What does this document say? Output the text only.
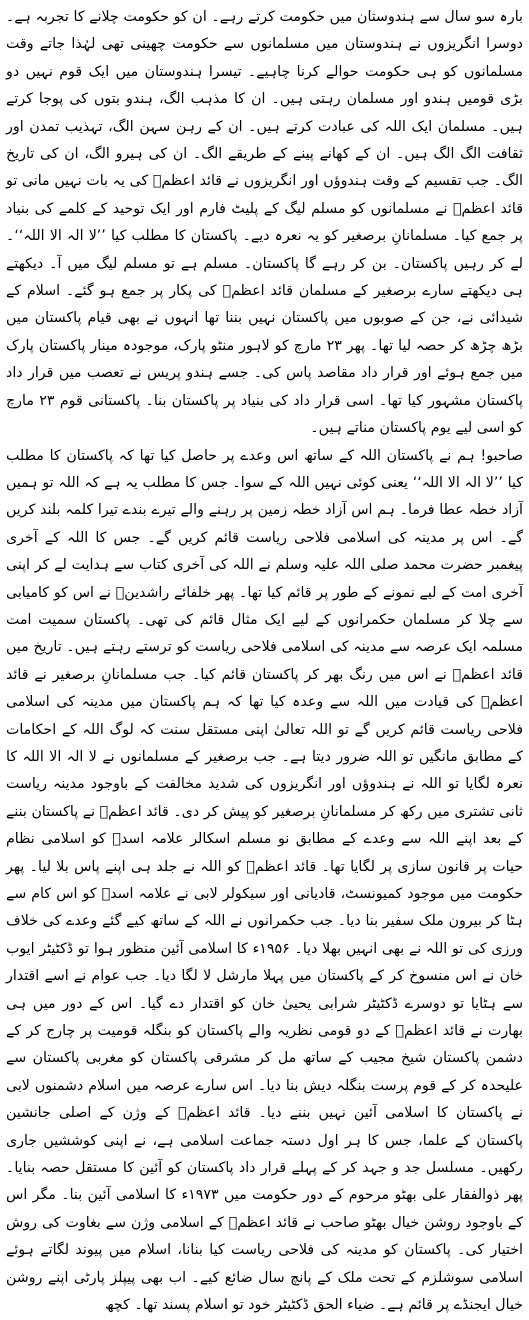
بارہ سو سال سے ہندوستان میں حکومت کرتے رہے۔ ان کو حکومت چلانے کا تجربہ ہے۔ دوسرا انگریزوں نے ہندوستان میں مسلمانوں سے حکومت چھینی تھی لہٰذا جاتے وقت مسلمانوں کو ہی حکومت حوالے کرنا چاہیے۔ تیسرا ہندوستان میں ایک قوم نہیں دو بڑی قومیں ہندو اور مسلمان رہتی ہیں۔ ان کا مذہب الگ، ہندو بتوں کی پوجا کرتے ہیں۔ مسلمان ایک اللہ کی عبادت کرتے ہیں۔ ان کے رہن سہن الگ، تہذیب تمدن اور ثقافت الگ الگ ہیں۔ ان کے کھانے پینے کے طریقے الگ۔ ان کی ہیرو الگ، ان کی تاریخ الگ۔ جب تقسیم کے وقت ہندوؤں اور انگریزوں نے قائد اعظمؒ کی یہ بات نہیں مانی تو قائد اعظمؒ نے مسلمانوں کو مسلم لیگ کے پلیٹ فارم اور ایک توحید کے کلمے کی بنیاد پر جمع کیا۔ مسلمانانِ برصغیر کو یہ نعرہ دیے۔ پاکستان کا مطلب کیا ’’لا الہ الا اللہ‘‘۔ لے کر رہیں پاکستان۔ بن کر رہے گا پاکستان۔ مسلم ہے تو مسلم لیگ میں آ۔ دیکھتے ہی دیکھتے سارے برصغیر کے مسلمان قائد اعظمؒ کی پکار پر جمع ہو گئے۔ اسلام کے شیدائی نے، جن کے صوبوں میں پاکستان نہیں بننا تھا انہوں نے بھی قیام پاکستان میں بڑھ چڑھ کر حصہ لیا تھا۔ پھر ۲۳ مارچ کو لاہور منٹو پارک، موجودہ مینار پاکستان پارک میں جمع ہوئے اور قرار داد مقاصد پاس کی۔ جسے ہندو پریس نے تعصب میں قرار داد پاکستان مشہور کیا تھا۔ اسی قرار داد کی بنیاد پر پاکستان بنا۔ پاکستانی قوم ۲۳ مارچ کو اسی لیے یوم پاکستان مناتے ہیں۔

صاحبو! ہم نے پاکستان اللہ کے ساتھ اس وعدے پر حاصل کیا تھا کہ پاکستان کا مطلب کیا ’’لا الہ الا اللہ‘‘ یعنی کوئی نہیں اللہ کے سوا۔ جس کا مطلب یہ ہے کہ اللہ تو ہمیں آزاد خطہ عطا فرما۔ ہم اس آزاد خطہ زمین پر رہنے والے تیرے بندے تیرا کلمہ بلند کریں گے۔ اس پر مدینہ کی اسلامی فلاحی ریاست قائم کریں گے۔ جس کا اللہ کے آخری پیغمبر حضرت محمد صلی اللہ علیہ وسلم نے اللہ کی آخری کتاب سے ہدایت لے کر اپنی آخری امت کے لیے نمونے کے طور پر قائم کیا تھا۔ پھر خلفائے راشدینؓ نے اس کو کامیابی سے چلا کر مسلمان حکمرانوں کے لیے ایک مثال قائم کی تھی۔ پاکستان سمیت امت مسلمہ ایک عرصہ سے مدینہ کی اسلامی فلاحی ریاست کو ترستے رہتے ہیں۔ تاریخ میں قائد اعظمؒ نے اس میں رنگ بھر کر پاکستان قائم کیا۔ جب مسلمانانِ برصغیر نے قائد اعظمؒ کی قیادت میں اللہ سے وعدہ کیا تھا کہ ہم پاکستان میں مدینہ کی اسلامی فلاحی ریاست قائم کریں گے تو اللہ تعالیٰ اپنی مستقل سنت کہ لوگ اللہ کے احکامات کے مطابق مانگیں تو اللہ ضرور دیتا ہے۔ جب برصغیر کے مسلمانوں نے لا الہ الا اللہ کا نعرہ لگایا تو اللہ نے ہندوؤں اور انگریزوں کی شدید مخالفت کے باوجود مدینہ ریاست ثانی تشتری میں رکھ کر مسلمانانِ برصغیر کو پیش کر دی۔ قائد اعظمؒ نے پاکستان بننے کے بعد اپنے اللہ سے وعدے کے مطابق نو مسلم اسکالر علامہ اسدؒ کو اسلامی نظام حیات پر قانون سازی پر لگایا تھا۔ قائد اعظمؒ کو اللہ نے جلد ہی اپنے پاس بلا لیا۔ پھر حکومت میں موجود کمیونسٹ، قادیانی اور سیکولر لابی نے علامہ اسدؒ کو اس کام سے ہٹا کر بیرون ملک سفیر بنا دیا۔ جب حکمرانوں نے اللہ کے ساتھ کیے گئے وعدے کی خلاف ورزی کی تو اللہ نے بھی انہیں بھلا دیا۔ ۱۹۵۶ء کا اسلامی آئین منظور ہوا تو ڈکٹیٹر ایوب خان نے اس منسوخ کر کے پاکستان میں پہلا مارشل لا لگا دیا۔ جب عوام نے اسے اقتدار سے ہٹایا تو دوسرے ڈکٹیٹر شرابی یحییٰ خان کو اقتدار دے گیا۔ اس کے دور میں ہی بھارت نے قائد اعظمؒ کے دو قومی نظریہ والے پاکستان کو بنگلہ قومیت پر چارج کر کے دشمن پاکستان شیخ مجیب کے ساتھ مل کر مشرقی پاکستان کو مغربی پاکستان سے علیحدہ کر کے قوم پرست بنگلہ دیش بنا دیا۔ اس سارے عرصہ میں اسلام دشمنوں لابی نے پاکستان کا اسلامی آئین نہیں بننے دیا۔ قائد اعظمؒ کے وژن کے اصلی جانشین پاکستان کے علما، جس کا ہر اول دستہ جماعت اسلامی ہے، نے اپنی کوششیں جاری رکھیں۔ مسلسل جد و جہد کر کے پہلے قرار داد پاکستان کو آئین کا مستقل حصہ بنایا۔ پھر ذوالفقار علی بھٹو مرحوم کے دور حکومت میں ۱۹۷۳ء کا اسلامی آئین بنا۔ مگر اس کے باوجود روشن خیال بھٹو صاحب نے قائد اعظمؒ کے اسلامی وژن سے بغاوت کی روش اختیار کی۔ پاکستان کو مدینہ کی فلاحی ریاست کیا بنانا، اسلام میں پیوند لگاتے ہوئے اسلامی سوشلزم کے تحت ملک کے پانچ سال ضائع کیے۔ اب بھی پیپلز پارٹی اپنے روشن خیال ایجنڈے پر قائم ہے۔ ضیاء الحق ڈکٹیٹر خود تو اسلام پسند تھا۔ کچھ
